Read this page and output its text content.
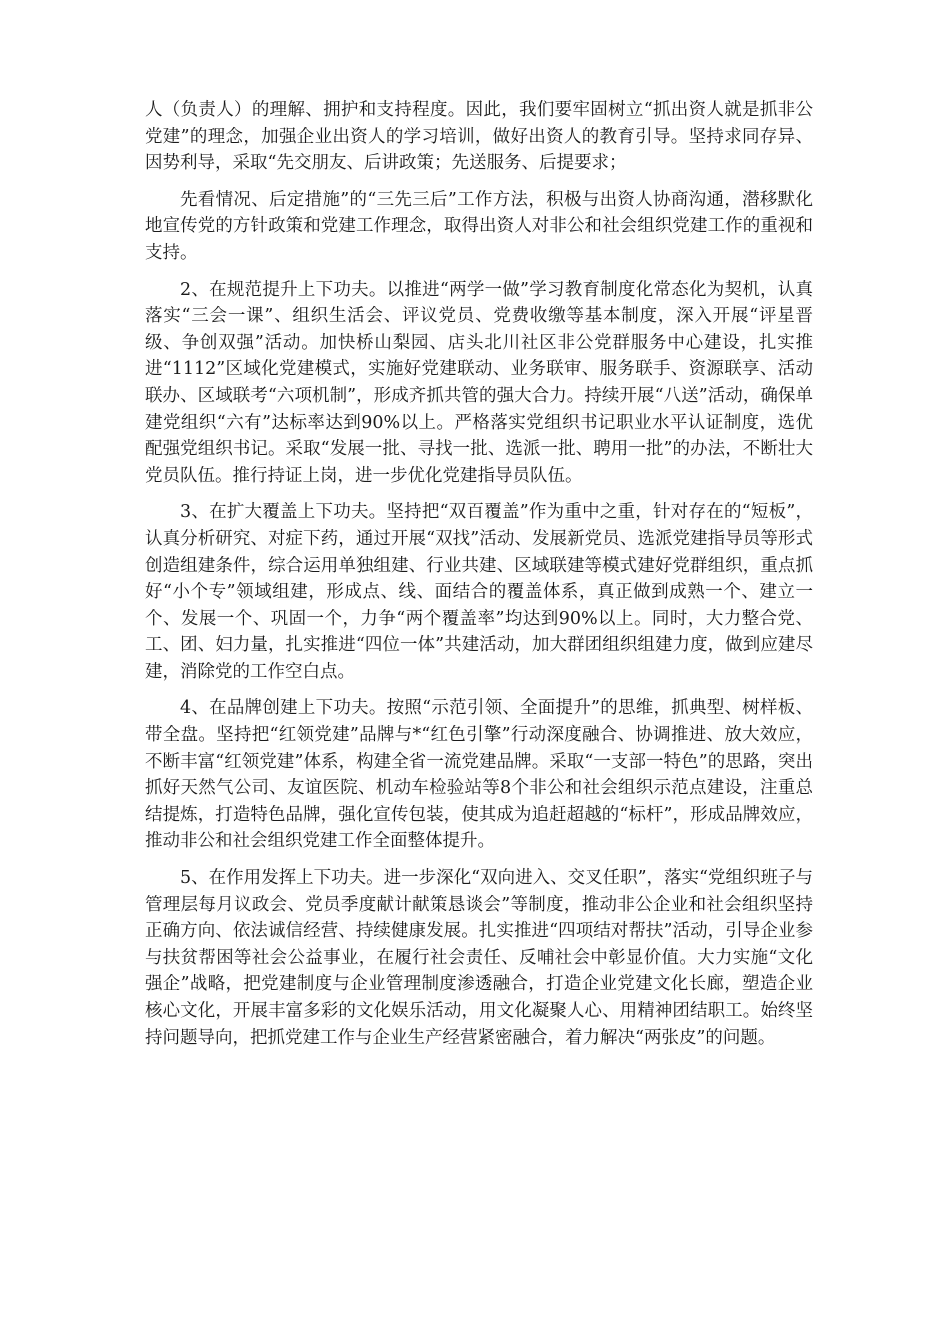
人（负责人）的理解、拥护和支持程度。因此，我们要牢固树立“抓出资人就是抓非公党建”的理念，加强企业出资人的学习培训，做好出资人的教育引导。坚持求同存异、因势利导，采取“先交朋友、后讲政策；先送服务、后提要求；

先看情况、后定措施”的“三先三后”工作方法，积极与出资人协商沟通，潜移默化地宣传党的方针政策和党建工作理念，取得出资人对非公和社会组织党建工作的重视和支持。

2、在规范提升上下功夫。以推进“两学一做”学习教育制度化常态化为契机，认真落实“三会一课”、组织生活会、评议党员、党费收缴等基本制度，深入开展“评星晋级、争创双强”活动。加快桥山梨园、店头北川社区非公党群服务中心建设，扎实推进“1112”区域化党建模式，实施好党建联动、业务联审、服务联手、资源联享、活动联办、区域联考“六项机制”，形成齐抓共管的强大合力。持续开展“八送”活动，确保单建党组织“六有”达标率达到90%以上。严格落实党组织书记职业水平认证制度，选优配强党组织书记。采取“发展一批、寻找一批、选派一批、聘用一批”的办法，不断壮大党员队伍。推行持证上岗，进一步优化党建指导员队伍。

3、在扩大覆盖上下功夫。坚持把“双百覆盖”作为重中之重，针对存在的“短板”，认真分析研究、对症下药，通过开展“双找”活动、发展新党员、选派党建指导员等形式创造组建条件，综合运用单独组建、行业共建、区域联建等模式建好党群组织，重点抓好“小个专”领域组建，形成点、线、面结合的覆盖体系，真正做到成熟一个、建立一个、发展一个、巩固一个，力争“两个覆盖率”均达到90%以上。同时，大力整合党、工、团、妇力量，扎实推进“四位一体”共建活动，加大群团组织组建力度，做到应建尽建，消除党的工作空白点。

4、在品牌创建上下功夫。按照“示范引领、全面提升”的思维，抓典型、树样板、带全盘。坚持把“红领党建”品牌与*“红色引擎”行动深度融合、协调推进、放大效应，不断丰富“红领党建”体系，构建全省一流党建品牌。采取“一支部一特色”的思路，突出抓好天然气公司、友谊医院、机动车检验站等8个非公和社会组织示范点建设，注重总结提炼，打造特色品牌，强化宣传包装，使其成为追赶超越的“标杆”，形成品牌效应，推动非公和社会组织党建工作全面整体提升。

5、在作用发挥上下功夫。进一步深化“双向进入、交叉任职”，落实“党组织班子与管理层每月议政会、党员季度献计献策恳谈会”等制度，推动非公企业和社会组织坚持正确方向、依法诚信经营、持续健康发展。扎实推进“四项结对帮扶”活动，引导企业参与扶贫帮困等社会公益事业，在履行社会责任、反哺社会中彰显价值。大力实施“文化强企”战略，把党建制度与企业管理制度渗透融合，打造企业党建文化长廊，塑造企业核心文化，开展丰富多彩的文化娱乐活动，用文化凝聚人心、用精神团结职工。始终坚持问题导向，把抓党建工作与企业生产经营紧密融合，着力解决“两张皮”的问题。
